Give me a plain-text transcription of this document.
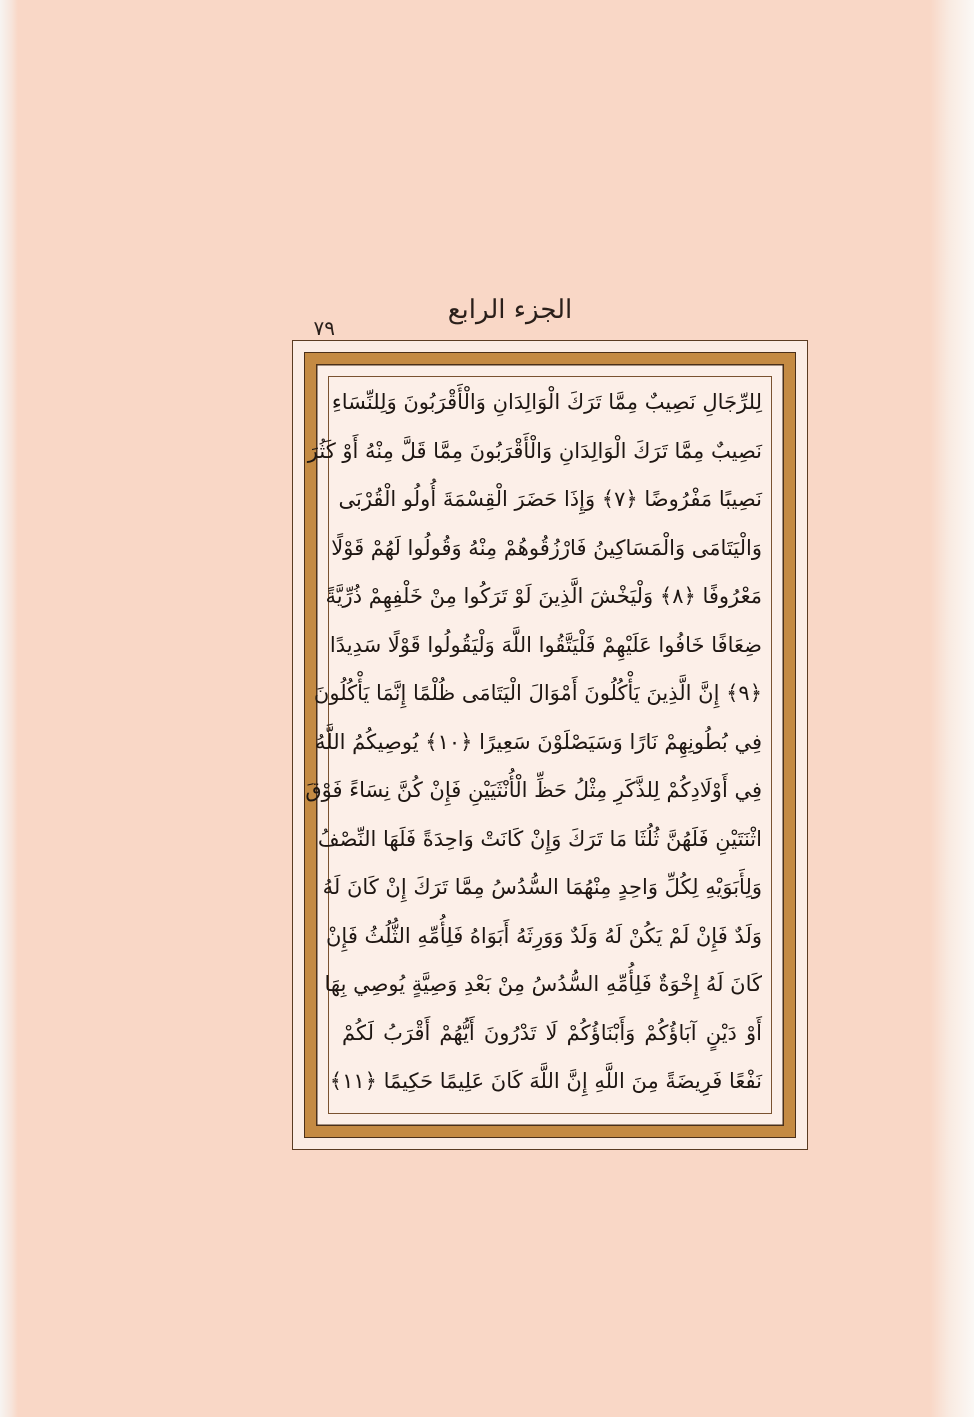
الجزء الرابع
٧٩
لِلرِّجَالِ نَصِيبٌ مِمَّا تَرَكَ الْوَالِدَانِ وَالْأَقْرَبُونَ وَلِلنِّسَاءِ
نَصِيبٌ مِمَّا تَرَكَ الْوَالِدَانِ وَالْأَقْرَبُونَ مِمَّا قَلَّ مِنْهُ أَوْ كَثُرَ
نَصِيبًا مَفْرُوضًا ﴿٧﴾ وَإِذَا حَضَرَ الْقِسْمَةَ أُولُو الْقُرْبَى
وَالْيَتَامَى وَالْمَسَاكِينُ فَارْزُقُوهُمْ مِنْهُ وَقُولُوا لَهُمْ قَوْلًا
مَعْرُوفًا ﴿٨﴾ وَلْيَخْشَ الَّذِينَ لَوْ تَرَكُوا مِنْ خَلْفِهِمْ ذُرِّيَّةً
ضِعَافًا خَافُوا عَلَيْهِمْ فَلْيَتَّقُوا اللَّهَ وَلْيَقُولُوا قَوْلًا سَدِيدًا
﴿٩﴾ إِنَّ الَّذِينَ يَأْكُلُونَ أَمْوَالَ الْيَتَامَى ظُلْمًا إِنَّمَا يَأْكُلُونَ
فِي بُطُونِهِمْ نَارًا وَسَيَصْلَوْنَ سَعِيرًا ﴿١٠﴾ يُوصِيكُمُ اللَّهُ
فِي أَوْلَادِكُمْ لِلذَّكَرِ مِثْلُ حَظِّ الْأُنْثَيَيْنِ فَإِنْ كُنَّ نِسَاءً فَوْقَ
اثْنَتَيْنِ فَلَهُنَّ ثُلُثَا مَا تَرَكَ وَإِنْ كَانَتْ وَاحِدَةً فَلَهَا النِّصْفُ
وَلِأَبَوَيْهِ لِكُلِّ وَاحِدٍ مِنْهُمَا السُّدُسُ مِمَّا تَرَكَ إِنْ كَانَ لَهُ
وَلَدٌ فَإِنْ لَمْ يَكُنْ لَهُ وَلَدٌ وَوَرِثَهُ أَبَوَاهُ فَلِأُمِّهِ الثُّلُثُ فَإِنْ
كَانَ لَهُ إِخْوَةٌ فَلِأُمِّهِ السُّدُسُ مِنْ بَعْدِ وَصِيَّةٍ يُوصِي بِهَا
أَوْ دَيْنٍ آبَاؤُكُمْ وَأَبْنَاؤُكُمْ لَا تَدْرُونَ أَيُّهُمْ أَقْرَبُ لَكُمْ
نَفْعًا فَرِيضَةً مِنَ اللَّهِ إِنَّ اللَّهَ كَانَ عَلِيمًا حَكِيمًا ﴿١١﴾
